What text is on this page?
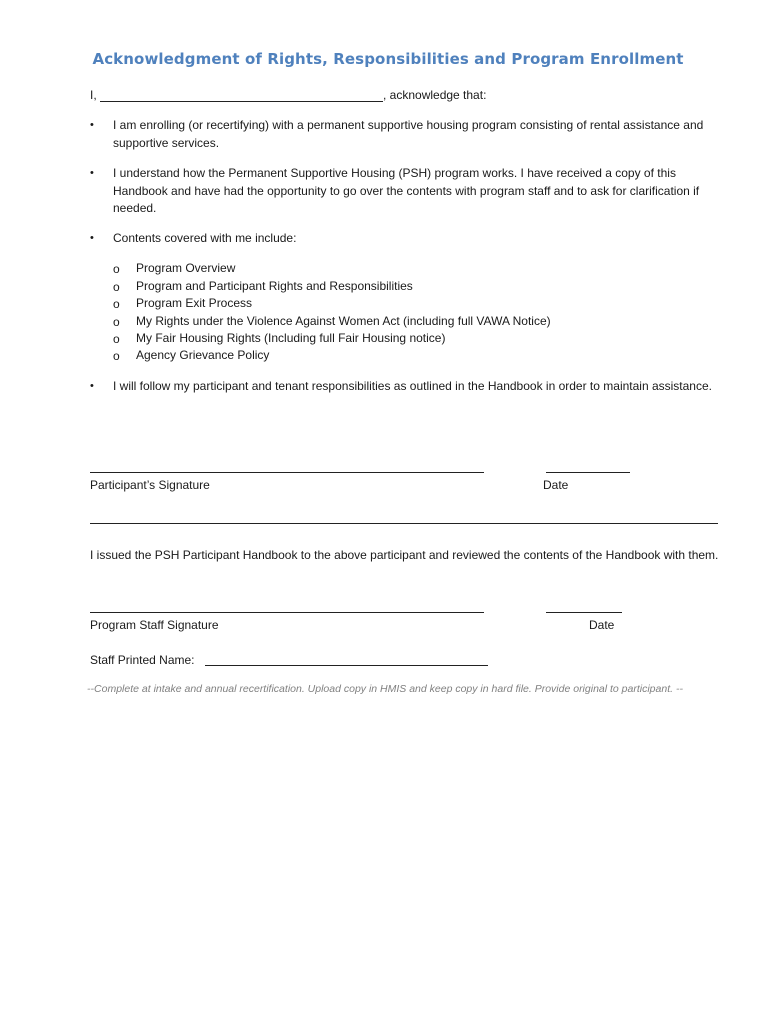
Acknowledgment of Rights, Responsibilities and Program Enrollment
I,	, acknowledge that:
• I am enrolling (or recertifying) with a permanent supportive housing program consisting of rental assistance and supportive services.
• I understand how the Permanent Supportive Housing (PSH) program works. I have received a copy of this Handbook and have had the opportunity to go over the contents with program staff and to ask for clarification if needed.
• Contents covered with me include:
o Program Overview
o Program and Participant Rights and Responsibilities
o Program Exit Process
o My Rights under the Violence Against Women Act (including full VAWA Notice)
o My Fair Housing Rights (Including full Fair Housing notice)
o Agency Grievance Policy
• I will follow my participant and tenant responsibilities as outlined in the Handbook in order to maintain assistance.
Participant’s Signature	Date
I issued the PSH Participant Handbook to the above participant and reviewed the contents of the Handbook with them.
Program Staff Signature	Date
Staff Printed Name:
--Complete at intake and annual recertification. Upload copy in HMIS and keep copy in hard file. Provide original to participant. --
